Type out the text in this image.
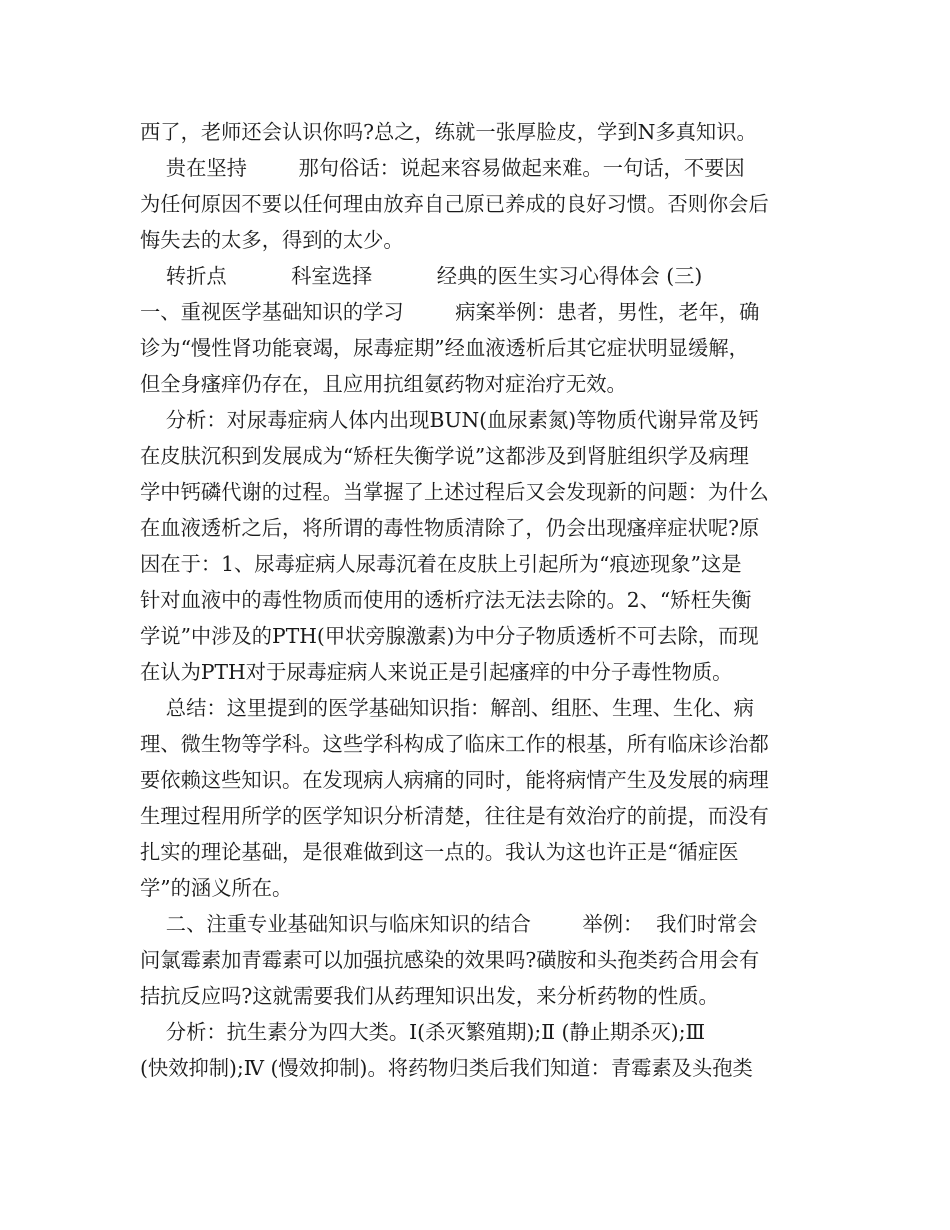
西了，老师还会认识你吗?总之，练就一张厚脸皮，学到N多真知识。
贵在坚持        那句俗话：说起来容易做起来难。一句话，不要因
为任何原因不要以任何理由放弃自己原已养成的良好习惯。否则你会后
悔失去的太多，得到的太少。
转折点          科室选择          经典的医生实习心得体会 (三)
一、重视医学基础知识的学习        病案举例：患者，男性，老年，确
诊为“慢性肾功能衰竭，尿毒症期”经血液透析后其它症状明显缓解，
但全身瘙痒仍存在，且应用抗组氨药物对症治疗无效。
分析：对尿毒症病人体内出现BUN(血尿素氮)等物质代谢异常及钙
在皮肤沉积到发展成为“矫枉失衡学说”这都涉及到肾脏组织学及病理
学中钙磷代谢的过程。当掌握了上述过程后又会发现新的问题：为什么
在血液透析之后，将所谓的毒性物质清除了，仍会出现瘙痒症状呢?原
因在于：1、尿毒症病人尿毒沉着在皮肤上引起所为“痕迹现象”这是
针对血液中的毒性物质而使用的透析疗法无法去除的。2、“矫枉失衡
学说”中涉及的PTH(甲状旁腺激素)为中分子物质透析不可去除，而现
在认为PTH对于尿毒症病人来说正是引起瘙痒的中分子毒性物质。
总结：这里提到的医学基础知识指：解剖、组胚、生理、生化、病
理、微生物等学科。这些学科构成了临床工作的根基，所有临床诊治都
要依赖这些知识。在发现病人病痛的同时，能将病情产生及发展的病理
生理过程用所学的医学知识分析清楚，往往是有效治疗的前提，而没有
扎实的理论基础，是很难做到这一点的。我认为这也许正是“循症医
学”的涵义所在。
二、注重专业基础知识与临床知识的结合        举例：  我们时常会
问氯霉素加青霉素可以加强抗感染的效果吗?磺胺和头孢类药合用会有
拮抗反应吗?这就需要我们从药理知识出发，来分析药物的性质。
分析：抗生素分为四大类。Ⅰ(杀灭繁殖期);Ⅱ (静止期杀灭);Ⅲ
(快效抑制);Ⅳ (慢效抑制)。将药物归类后我们知道：青霉素及头孢类
